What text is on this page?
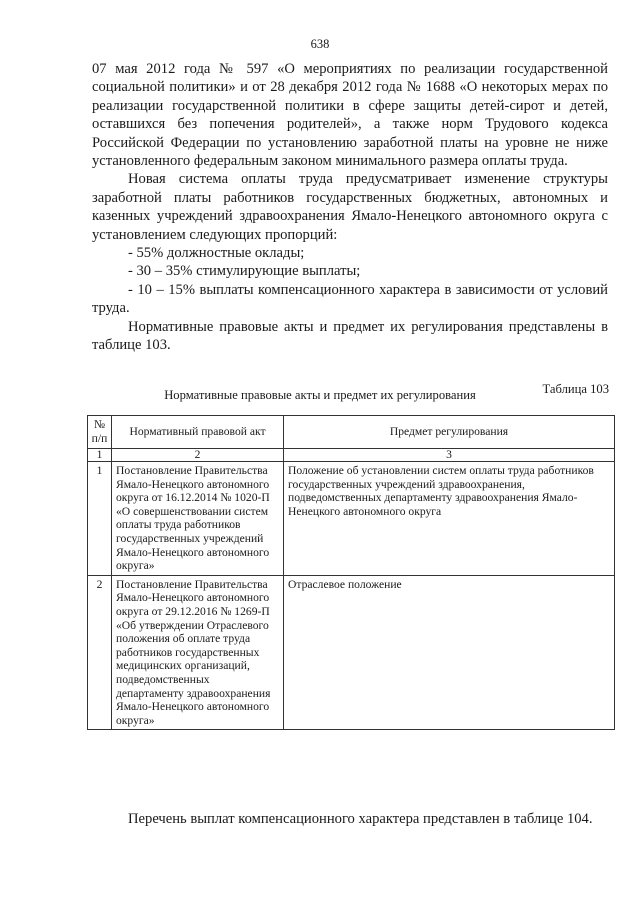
638

07 мая 2012 года № 597 «О мероприятиях по реализации государственной социальной политики» и от 28 декабря 2012 года № 1688 «О некоторых мерах по реализации государственной политики в сфере защиты детей-сирот и детей, оставшихся без попечения родителей», а также норм Трудового кодекса Российской Федерации по установлению заработной платы на уровне не ниже установленного федеральным законом минимального размера оплаты труда.

Новая система оплаты труда предусматривает изменение структуры заработной платы работников государственных бюджетных, автономных и казенных учреждений здравоохранения Ямало-Ненецкого автономного округа с установлением следующих пропорций:

- 55% должностные оклады;

- 30 – 35% стимулирующие выплаты;

- 10 – 15% выплаты компенсационного характера в зависимости от условий труда.

Нормативные правовые акты и предмет их регулирования представлены в таблице 103.

Таблица 103
Нормативные правовые акты и предмет их регулирования
№ п/п	Нормативный правовой акт	Предмет регулирования
1	2	3
1	Постановление Правительства Ямало-Ненецкого автономного округа от 16.12.2014 № 1020-П «О совершенствовании систем оплаты труда работников государственных учреждений Ямало-Ненецкого автономного округа»	Положение об установлении систем оплаты труда работников государственных учреждений здравоохранения, подведомственных департаменту здравоохранения Ямало-Ненецкого автономного округа
2	Постановление Правительства Ямало-Ненецкого автономного округа от 29.12.2016 № 1269-П «Об утверждении Отраслевого положения об оплате труда работников государственных медицинских организаций, подведомственных департаменту здравоохранения Ямало-Ненецкого автономного округа»	Отраслевое положение

Перечень выплат компенсационного характера представлен в таблице 104.
